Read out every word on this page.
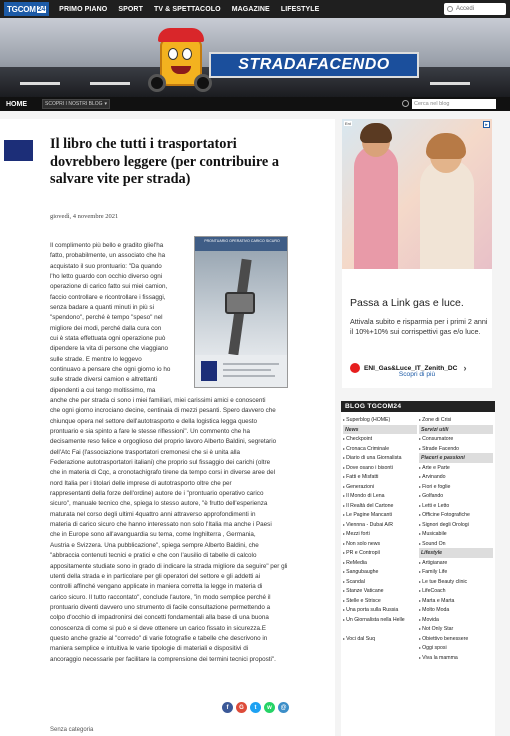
TGCOM 24 PRIMO PIANO SPORT TV & SPETTACOLO MAGAZINE LIFESTYLE	Accedi
STRADAFACENDO
HOME	SCOPRI I NOSTRI BLOG ▾	Cerca nel blog
Il libro che tutti i trasportatori dovrebbero leggere (per contribuire a salvare vite per strada)
giovedì, 4 novembre 2021
PRONTUARIO OPERATIVO CARICO SICURO

Il complimento più bello e gradito gliel'ha

fatto, probabilmente, un associato che ha

acquistato il suo prontuario: "Da quando

l'ho letto guardo con occhio diverso ogni

operazione di carico fatto sui miei camion,

faccio controllare e ricontrollare i fissaggi,

senza badare a quanti minuti in più si

"spendono", perché è tempo "speso" nel

migliore dei modi, perché dalla cura con

cui è stata effettuata ogni operazione può

dipendere la vita di persone che viaggiano

sulle strade. E mentre lo leggevo

continuavo a pensare che ogni giorno io ho

sulle strade diversi camion e altrettanti

dipendenti a cui tengo moltissimo, ma

anche che per strada ci sono i miei familiari, miei carissimi amici e conoscenti

che ogni giorno incrociano decine, centinaia di mezzi pesanti. Spero davvero che

chiunque opera nel settore dell'autotrasporto e della logistica legga questo

prontuario e sia spinto a fare le stesse riflessioni". Un commento che ha

decisamente reso felice e orgoglioso del proprio lavoro Alberto Baldini, segretario

dell'Atc Fai (l'associazione trasportatori cremonesi che si è unita alla

Federazione autotrasportatori italiani) che proprio sul fissaggio dei carichi (oltre

che in materia di Cqc, a cronotachigrafo tirene da tempo corsi in diverse aree del

nord Italia per i titolari delle imprese di autotrasporto oltre che per

rappresentanti della forze dell'ordine) autore de i "prontuario operativo carico

sicuro", manuale tecnico che, spiega lo stesso autore, "è frutto dell'esperienza

maturata nel corso degli ultimi 4quattro anni attraverso approfondimenti in

materia di carico sicuro che hanno interessato non solo l'Italia ma anche i Paesi

che in Europe sono all'avanguardia su tema, come Inghilterra , Germania,

Austria e Svizzera. Una pubblicazione", spiega sempre Alberto Baldini, che

"abbraccia contenuti tecnici e pratici e che con l'ausilio di tabelle di calcolo

appositamente studiate sono in grado di indicare la strada migliore da seguire" per gli

utenti della strada e in particolare per gli operatori del settore e gli addetti ai

controlli affinché vengano applicate in maniera corretta la legge in materia di

carico sicuro. Il tutto raccontato", conclude l'autore, "in modo semplice perché il

prontuario diventi davvero uno strumento di facile consultazione permettendo a

colpo d'occhio di impadronirsi dei concetti fondamentali alla base di una buona

conoscenza di come si può e si deve ottenere un carico fissato in sicurezza.E

questo anche grazie al "corredo" di varie fotografie e tabelle che descrivono in

maniera semplice e intuitiva le varie tipologie di materiali e dispositivi di

ancoraggio necessarie per facilitare la comprensione dei termini tecnici proposti".

f	G	t	w	@
Senza categoria
Eni	▸
Passa a Link gas e luce.
Attivala subito e risparmia per i primi 2 anni il 10%+10% sui corrispettivi gas e/o luce.
ENI_Gas&Luce_IT_Zenith_DC ›
Scopri di più
BLOG TGCOM24
▸ Superblog (HOME)
News
▸ Checkpoint
▸ Cronaca Criminale
▸ Diario di una Giornalista
▸ Dove osano i bisonti
▸ Fatti e Misfatti
▸ Generazioni
▸ Il Mondo di Lena
▸ Il Realtà del Cartone
▸ Le Pagine Mancanti
▸ Viennna - Dubai A/R
▸ Mezzi forti
▸ Non solo news
▸ PR e Contropiì
▸ ReMedia
▸ Sangubaughe
▸ Scandal
▸ Stanze Vaticane
▸ Stelle e Strisce
▸ Una porta sulla Russia
▸ Un Giornalista nella Helle
▸ Voci dal Suq
▸ Zone di Crisi
Servizi utili
▸ Consumatore
▸ Strade Facendo
Piaceri e passioni
▸ Arte e Parte
▸ Arvinando
▸ Fiori e foglie
▸ Golfando
▸ Letti e Letto
▸ Officine Fotografiche
▸ Signori degli Orologi
▸ Musicabile
▸ Sound On
Lifestyle
▸ Artigianare
▸ Family Life
▸ Le tue Beauty clinic
▸ LifeCoach
▸ Marta e Marta
▸ Molto Moda
▸ Movida
▸ Not Only Star
▸ Obiettivo benessere
▸ Oggi sposi
▸ Viva la mamma
